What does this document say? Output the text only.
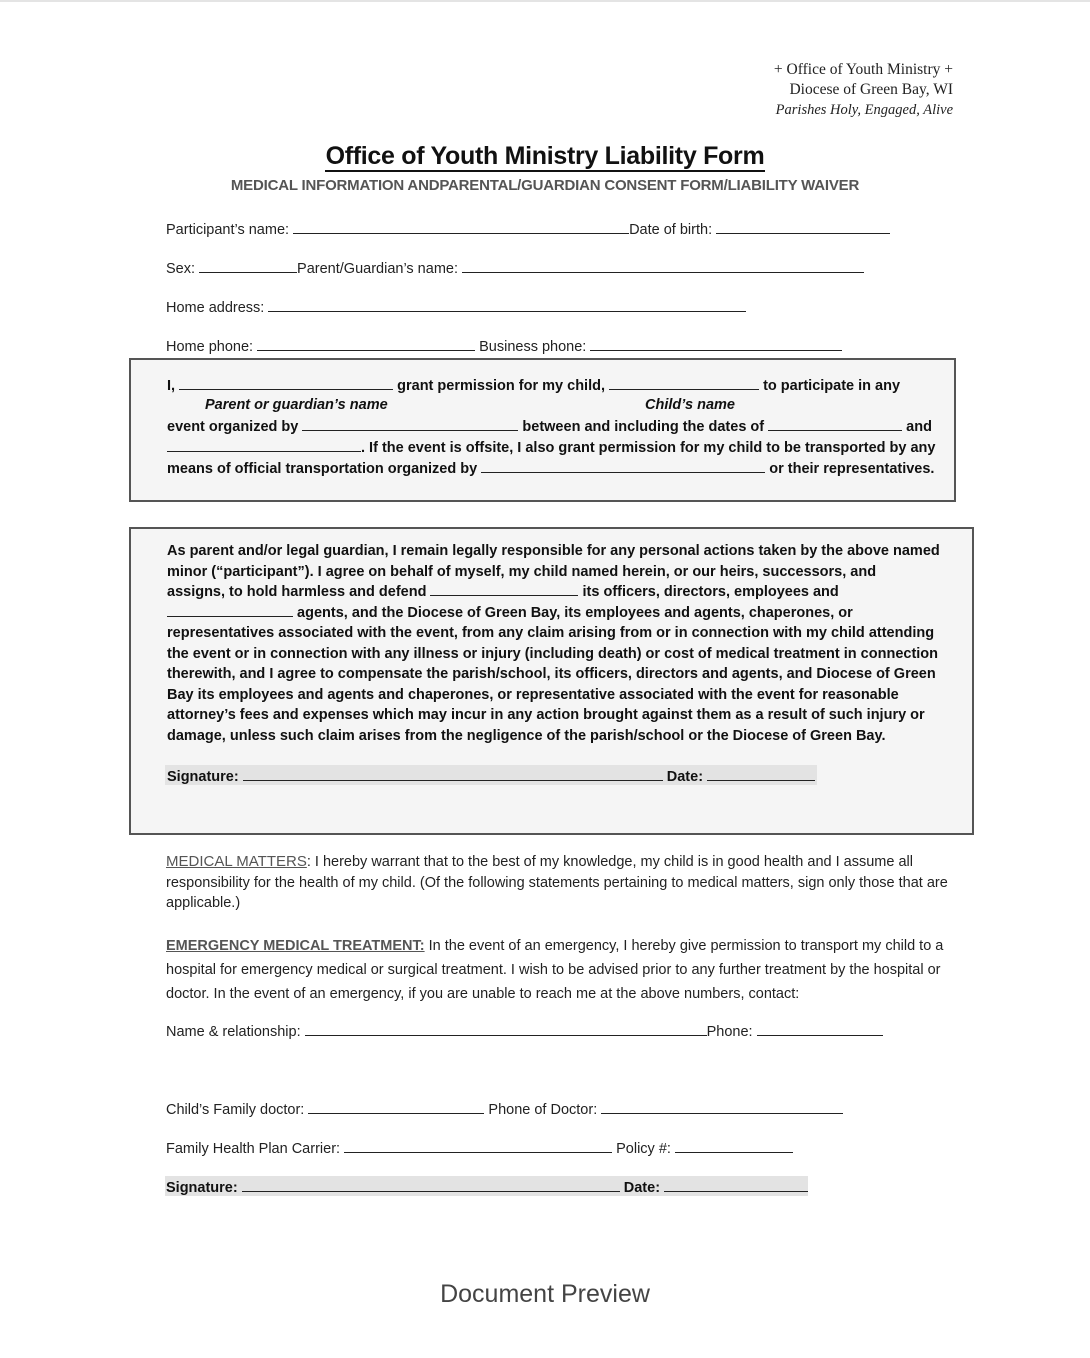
+ Office of Youth Ministry +
Diocese of Green Bay, WI
Parishes Holy, Engaged, Alive
Office of Youth Ministry Liability Form
MEDICAL INFORMATION ANDPARENTAL/GUARDIAN CONSENT FORM/LIABILITY WAIVER
Participant’s name:	Date of birth:
Sex:	Parent/Guardian’s name:
Home address:
Home phone:	Business phone:
I,	grant permission for my child,	to participate in any
Parent or guardian’s name	Child’s name
event organized by	between and including the dates of	and
. If the event is offsite, I also grant permission for my child to be transported by any
means of official transportation organized by	or their representatives.
As parent and/or legal guardian, I remain legally responsible for any personal actions taken by the above named
minor (“participant”). I agree on behalf of myself, my child named herein, or our heirs, successors, and
assigns, to hold harmless and defend	its officers, directors, employees and
agents, and the Diocese of Green Bay, its employees and agents, chaperones, or
representatives associated with the event, from any claim arising from or in connection with my child attending
the event or in connection with any illness or injury (including death) or cost of medical treatment in connection
therewith, and I agree to compensate the parish/school, its officers, directors and agents, and Diocese of Green
Bay its employees and agents and chaperones, or representative associated with the event for reasonable
attorney’s fees and expenses which may incur in any action brought against them as a result of such injury or
damage, unless such claim arises from the negligence of the parish/school or the Diocese of Green Bay.
Signature:	Date:

MEDICAL MATTERS: I hereby warrant that to the best of my knowledge, my child is in good health and I assume all responsibility for the health of my child. (Of the following statements pertaining to medical matters, sign only those that are applicable.)

EMERGENCY MEDICAL TREATMENT: In the event of an emergency, I hereby give permission to transport my child to a hospital for emergency medical or surgical treatment. I wish to be advised prior to any further treatment by the hospital or doctor. In the event of an emergency, if you are unable to reach me at the above numbers, contact:

Name & relationship:	Phone:
Child’s Family doctor:	Phone of Doctor:
Family Health Plan Carrier:	Policy #:
Signature:	Date:
Document Preview
